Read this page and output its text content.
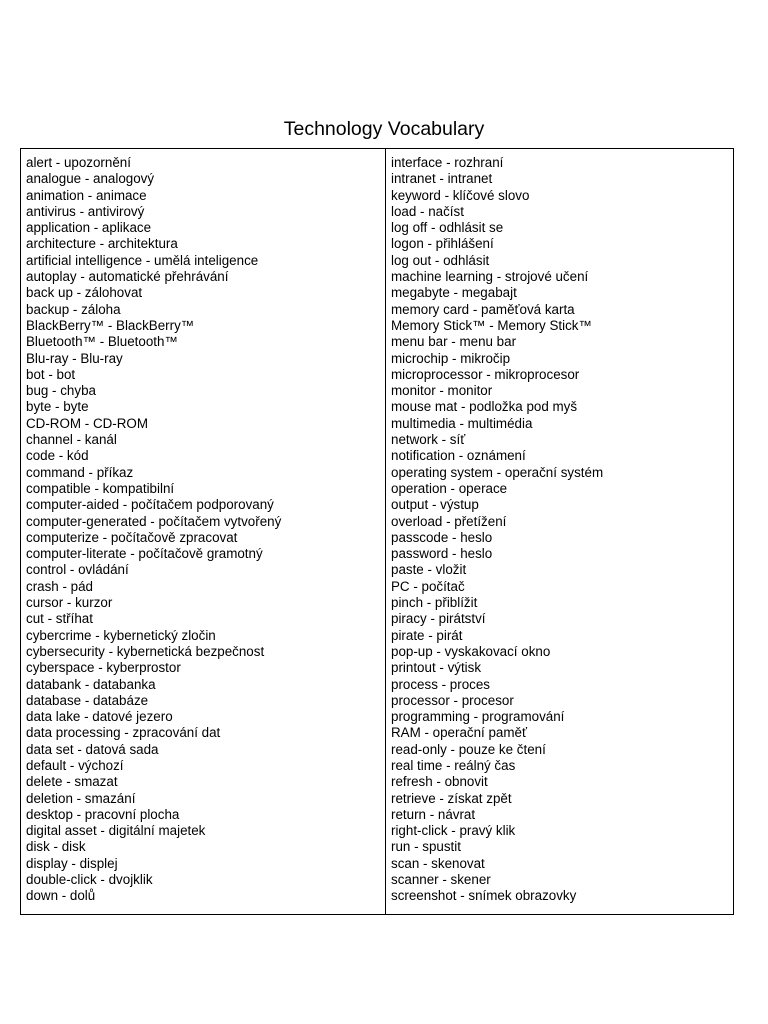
Technology Vocabulary
alert - upozornění
analogue - analogový
animation - animace
antivirus - antivirový
application - aplikace
architecture - architektura
artificial intelligence - umělá inteligence
autoplay - automatické přehrávání
back up - zálohovat
backup - záloha
BlackBerry™ - BlackBerry™
Bluetooth™ - Bluetooth™
Blu-ray - Blu-ray
bot - bot
bug - chyba
byte - byte
CD-ROM - CD-ROM
channel - kanál
code - kód
command - příkaz
compatible - kompatibilní
computer-aided - počítačem podporovaný
computer-generated - počítačem vytvořený
computerize - počítačově zpracovat
computer-literate - počítačově gramotný
control - ovládání
crash - pád
cursor - kurzor
cut - stříhat
cybercrime - kybernetický zločin
cybersecurity - kybernetická bezpečnost
cyberspace - kyberprostor
databank - databanka
database - databáze
data lake - datové jezero
data processing - zpracování dat
data set - datová sada
default - výchozí
delete - smazat
deletion - smazání
desktop - pracovní plocha
digital asset - digitální majetek
disk - disk
display - displej
double-click - dvojklik
down - dolů
interface - rozhraní
intranet - intranet
keyword - klíčové slovo
load - načíst
log off - odhlásit se
logon - přihlášení
log out - odhlásit
machine learning - strojové učení
megabyte - megabajt
memory card - paměťová karta
Memory Stick™ - Memory Stick™
menu bar - menu bar
microchip - mikročip
microprocessor - mikroprocesor
monitor - monitor
mouse mat - podložka pod myš
multimedia - multimédia
network - síť
notification - oznámení
operating system - operační systém
operation - operace
output - výstup
overload - přetížení
passcode - heslo
password - heslo
paste - vložit
PC - počítač
pinch - přiblížit
piracy - pirátství
pirate - pirát
pop-up - vyskakovací okno
printout - výtisk
process - proces
processor - procesor
programming - programování
RAM - operační paměť
read-only - pouze ke čtení
real time - reálný čas
refresh - obnovit
retrieve - získat zpět
return - návrat
right-click - pravý klik
run - spustit
scan - skenovat
scanner - skener
screenshot - snímek obrazovky
